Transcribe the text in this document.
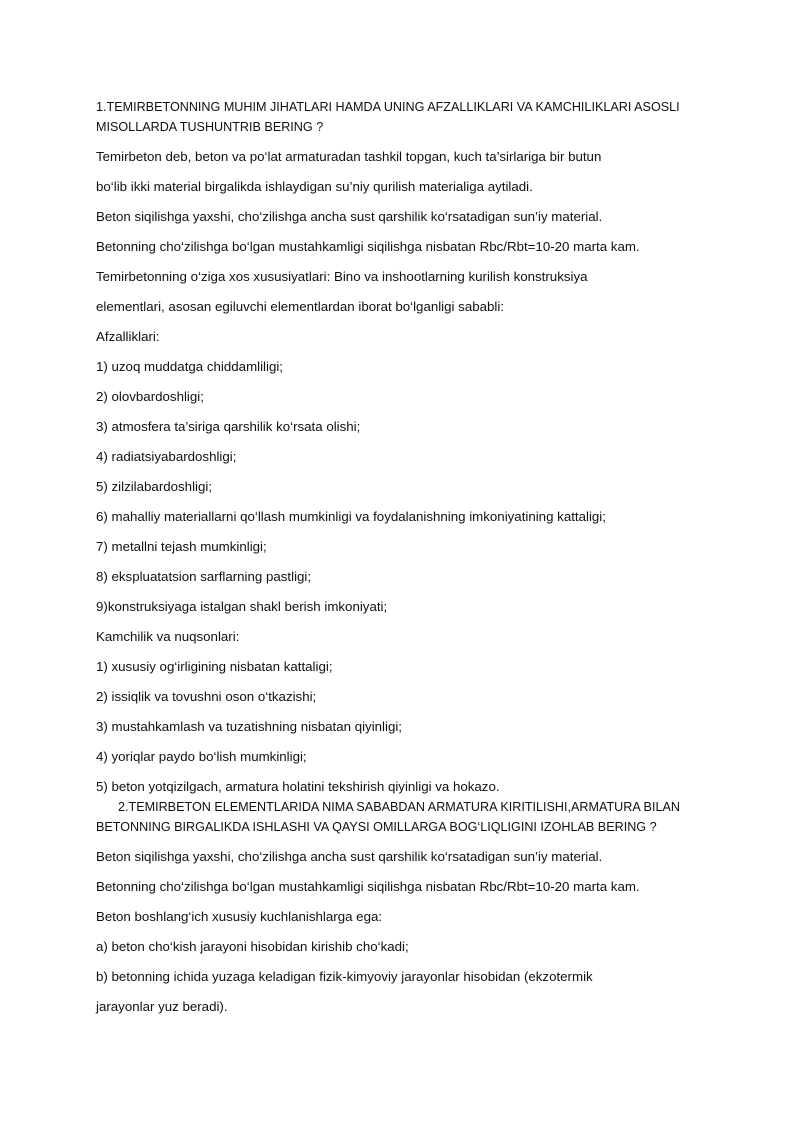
1.TEMIRBETONNING MUHIM JIHATLARI HAMDA UNING AFZALLIKLARI VA KAMCHILIKLARI ASOSLI

MISOLLARDA TUSHUNTRIB BERING ?

Temirbeton deb, beton va po‘lat armaturadan tashkil topgan, kuch ta’sirlariga bir butun

bo‘lib ikki material birgalikda ishlaydigan su’niy qurilish materialiga aytiladi.

Beton siqilishga yaxshi, cho‘zilishga ancha sust qarshilik ko‘rsatadigan sun’iy material.

Betonning cho‘zilishga bo‘lgan mustahkamligi siqilishga nisbatan Rbc/Rbt=10-20 marta kam.

Temirbetonning o‘ziga xos xususiyatlari: Bino va inshootlarning kurilish konstruksiya

elementlari, asosan egiluvchi elementlardan iborat bo‘lganligi sababli:

Afzalliklari:

1) uzoq muddatga chiddamliligi;

2) olovbardoshligi;

3) atmosfera ta’siriga qarshilik ko‘rsata olishi;

4) radiatsiyabardoshligi;

5) zilzilabardoshligi;

6) mahalliy materiallarni qo‘llash mumkinligi va foydalanishning imkoniyatining kattaligi;

7) metallni tejash mumkinligi;

8) ekspluatatsion sarflarning pastligi;

9)konstruksiyaga istalgan shakl berish imkoniyati;

Kamchilik va nuqsonlari:

1) xususiy og‘irligining nisbatan kattaligi;

2) issiqlik va tovushni oson o‘tkazishi;

3) mustahkamlash va tuzatishning nisbatan qiyinligi;

4) yoriqlar paydo bo‘lish mumkinligi;

5) beton yotqizilgach, armatura holatini tekshirish qiyinligi va hokazo.

2.TEMIRBETON ELEMENTLARIDA NIMA SABABDAN ARMATURA KIRITILISHI,ARMATURA BILAN

BETONNING BIRGALIKDA ISHLASHI VA QAYSI OMILLARGA BOG‘LIQLIGINI IZOHLAB BERING ?

Beton siqilishga yaxshi, cho‘zilishga ancha sust qarshilik ko‘rsatadigan sun’iy material.

Betonning cho‘zilishga bo‘lgan mustahkamligi siqilishga nisbatan Rbc/Rbt=10-20 marta kam.

Beton boshlang‘ich xususiy kuchlanishlarga ega:

a) beton cho‘kish jarayoni hisobidan kirishib cho‘kadi;

b) betonning ichida yuzaga keladigan fizik-kimyoviy jarayonlar hisobidan (ekzotermik

jarayonlar yuz beradi).
